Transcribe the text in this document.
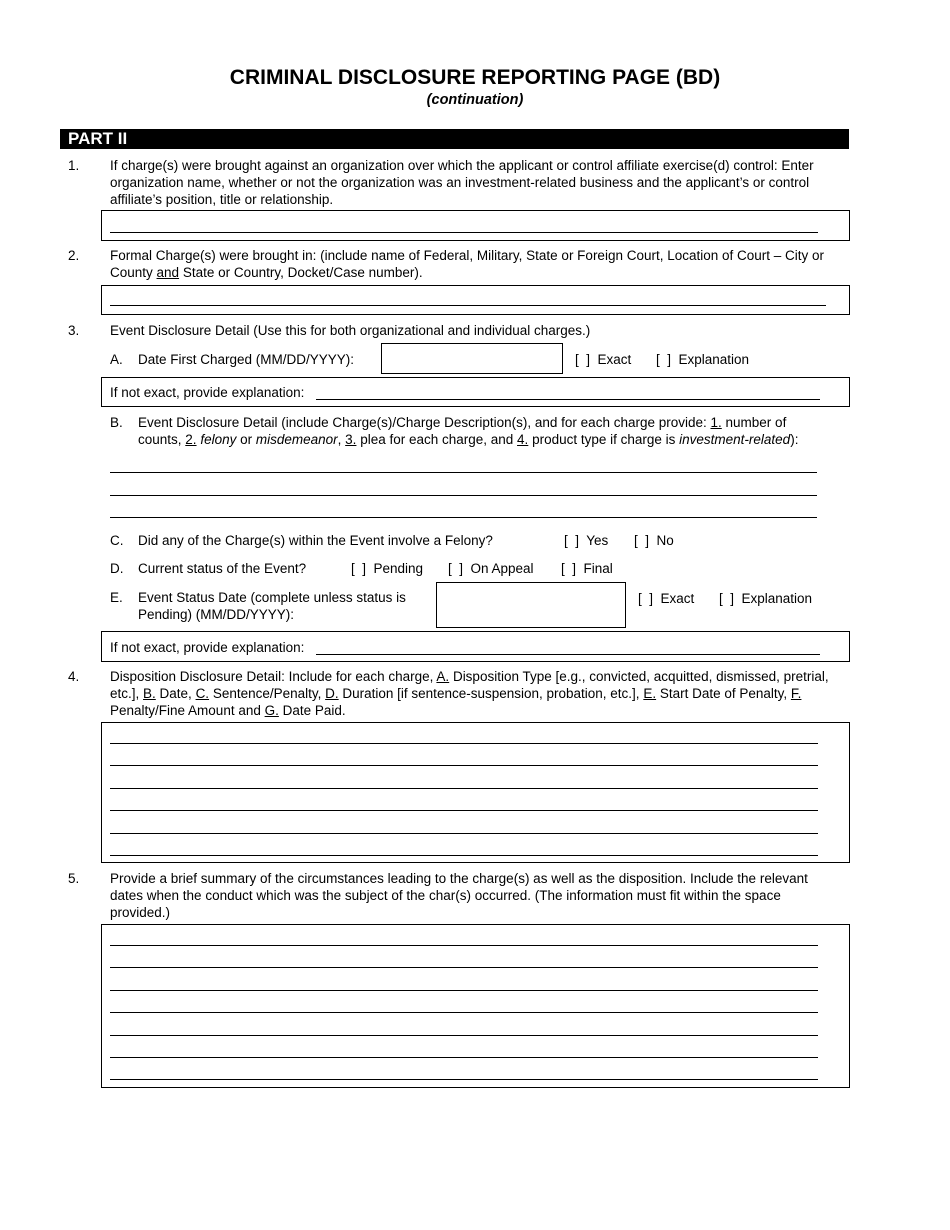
CRIMINAL DISCLOSURE REPORTING PAGE (BD)
(continuation)
PART II
1. If charge(s) were brought against an organization over which the applicant or control affiliate exercise(d) control: Enter organization name, whether or not the organization was an investment-related business and the applicant’s or control affiliate’s position, title or relationship.
2. Formal Charge(s) were brought in: (include name of Federal, Military, State or Foreign Court, Location of Court – City or County and State or Country, Docket/Case number).
3. Event Disclosure Detail (Use this for both organizational and individual charges.)
A. Date First Charged (MM/DD/YYYY):	[  ]  Exact [  ]  Explanation
If not exact, provide explanation:
B. Event Disclosure Detail (include Charge(s)/Charge Description(s), and for each charge provide: 1. number of counts, 2. felony or misdemeanor, 3. plea for each charge, and 4. product type if charge is investment-related):
C. Did any of the Charge(s) within the Event involve a Felony?	[  ]  Yes [  ]  No
D. Current status of the Event?	[  ]  Pending [  ]  On Appeal [  ]  Final
E. Event Status Date (complete unless status is Pending) (MM/DD/YYYY):
[  ]  Exact [  ]  Explanation
If not exact, provide explanation:
4. Disposition Disclosure Detail: Include for each charge, A. Disposition Type [e.g., convicted, acquitted, dismissed, pretrial, etc.], B. Date, C. Sentence/Penalty, D. Duration [if sentence-suspension, probation, etc.], E. Start Date of Penalty, F. Penalty/Fine Amount and G. Date Paid.
5. Provide a brief summary of the circumstances leading to the charge(s) as well as the disposition. Include the relevant dates when the conduct which was the subject of the char(s) occurred. (The information must fit within the space provided.)
